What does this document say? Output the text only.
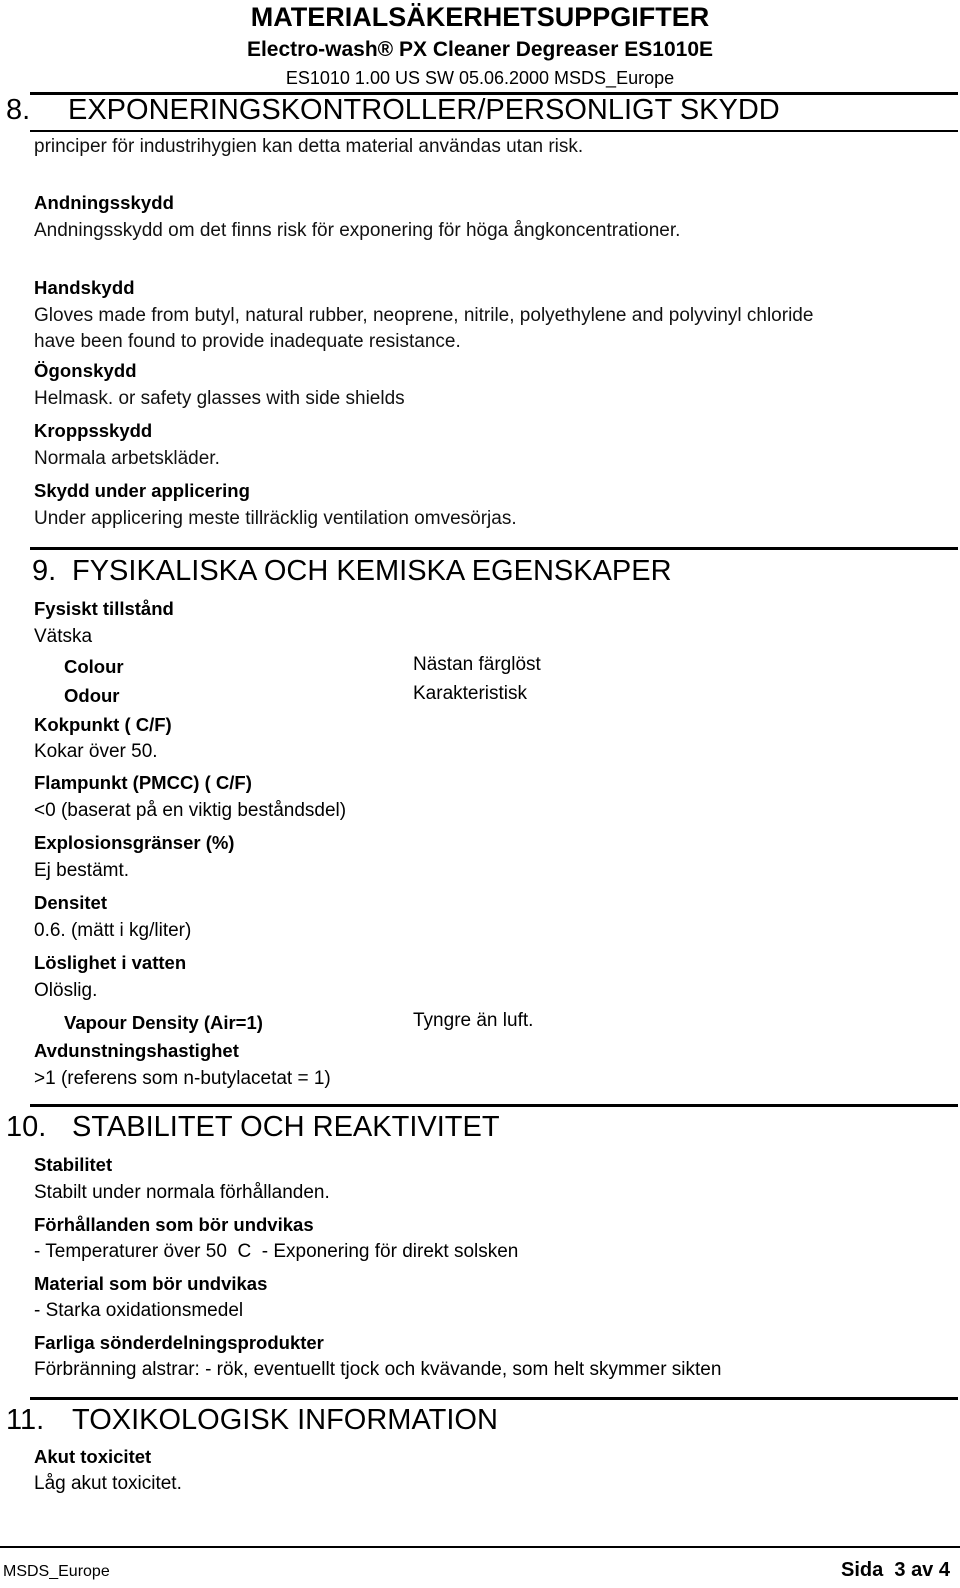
MATERIALSÄKERHETSUPPGIFTER
Electro-wash® PX Cleaner Degreaser ES1010E
ES1010 1.00 US SW 05.06.2000 MSDS_Europe
8. EXPONERINGSKONTROLLER/PERSONLIGT SKYDD
principer för industrihygien kan detta material användas utan risk.
Andningsskydd
Andningsskydd om det finns risk för exponering för höga ångkoncentrationer.
Handskydd
Gloves made from butyl, natural rubber, neoprene, nitrile, polyethylene and polyvinyl chloride
have been found to provide inadequate resistance.
Ögonskydd
Helmask. or safety glasses with side shields
Kroppsskydd
Normala arbetskläder.
Skydd under applicering
Under applicering meste tillräcklig ventilation omvesörjas.
9. FYSIKALISKA OCH KEMISKA EGENSKAPER
Fysiskt tillstånd
Vätska
Colour	Nästan färglöst
Odour	Karakteristisk
Kokpunkt ( C/F)
Kokar över 50.
Flampunkt (PMCC) ( C/F)
<0 (baserat på en viktig beståndsdel)
Explosionsgränser (%)
Ej bestämt.
Densitet
0.6. (mätt i kg/liter)
Löslighet i vatten
Olöslig.
Vapour Density (Air=1)	Tyngre än luft.
Avdunstningshastighet
>1 (referens som n-butylacetat = 1)
10. STABILITET OCH REAKTIVITET
Stabilitet
Stabilt under normala förhållanden.
Förhållanden som bör undvikas
- Temperaturer över 50  C  - Exponering för direkt solsken
Material som bör undvikas
- Starka oxidationsmedel
Farliga sönderdelningsprodukter
Förbränning alstrar: - rök, eventuellt tjock och kvävande, som helt skymmer sikten
11. TOXIKOLOGISK INFORMATION
Akut toxicitet
Låg akut toxicitet.
MSDS_Europe	Sida 3 av 4
